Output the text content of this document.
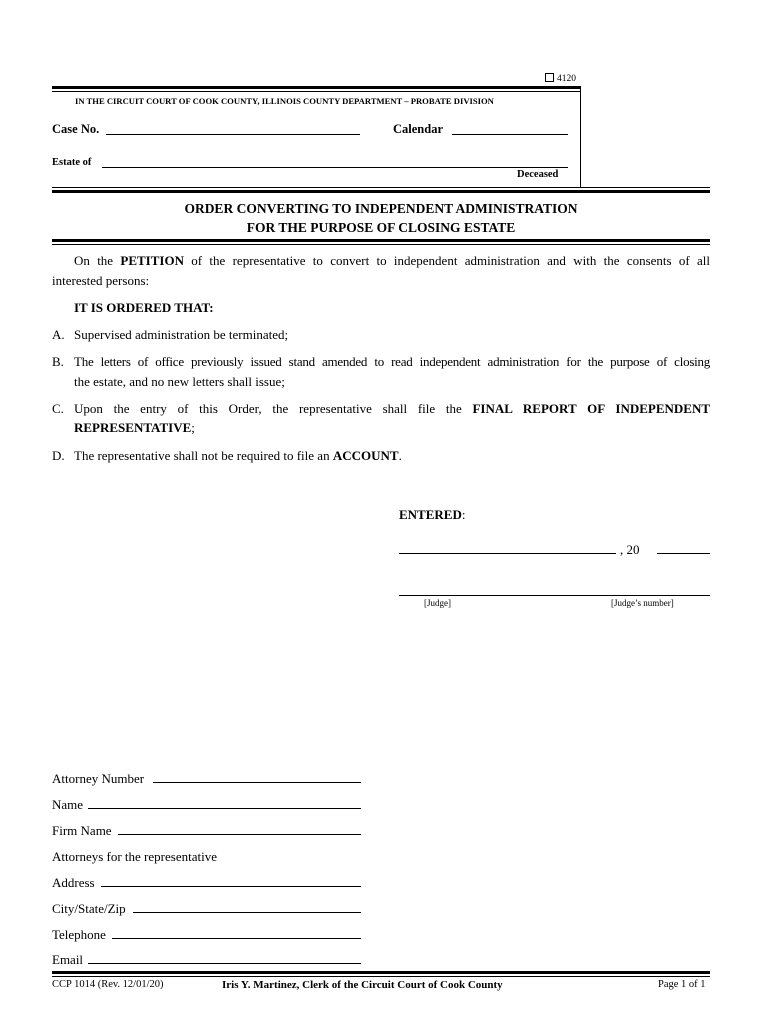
4120
IN THE CIRCUIT COURT OF COOK COUNTY, ILLINOIS COUNTY DEPARTMENT – PROBATE DIVISION
Case No.	Calendar
Estate of
Deceased
ORDER CONVERTING TO INDEPENDENT ADMINISTRATION
FOR THE PURPOSE OF CLOSING ESTATE
On the PETITION of the representative to convert to independent administration and with the consents of all
interested persons:
IT IS ORDERED THAT:
A. Supervised administration be terminated;
B. The letters of office previously issued stand amended to read independent administration for the purpose of closing
the estate, and no new letters shall issue;
C. Upon the entry of this Order, the representative shall file the FINAL REPORT OF INDEPENDENT
REPRESENTATIVE;
D. The representative shall not be required to file an ACCOUNT.
ENTERED:
, 20
[Judge]	[Judge’s number]
Attorney Number
Name
Firm Name
Attorneys for the representative
Address
City/State/Zip
Telephone
Email
CCP 1014 (Rev. 12/01/20)	Iris Y. Martinez, Clerk of the Circuit Court of Cook County	Page 1 of 1
